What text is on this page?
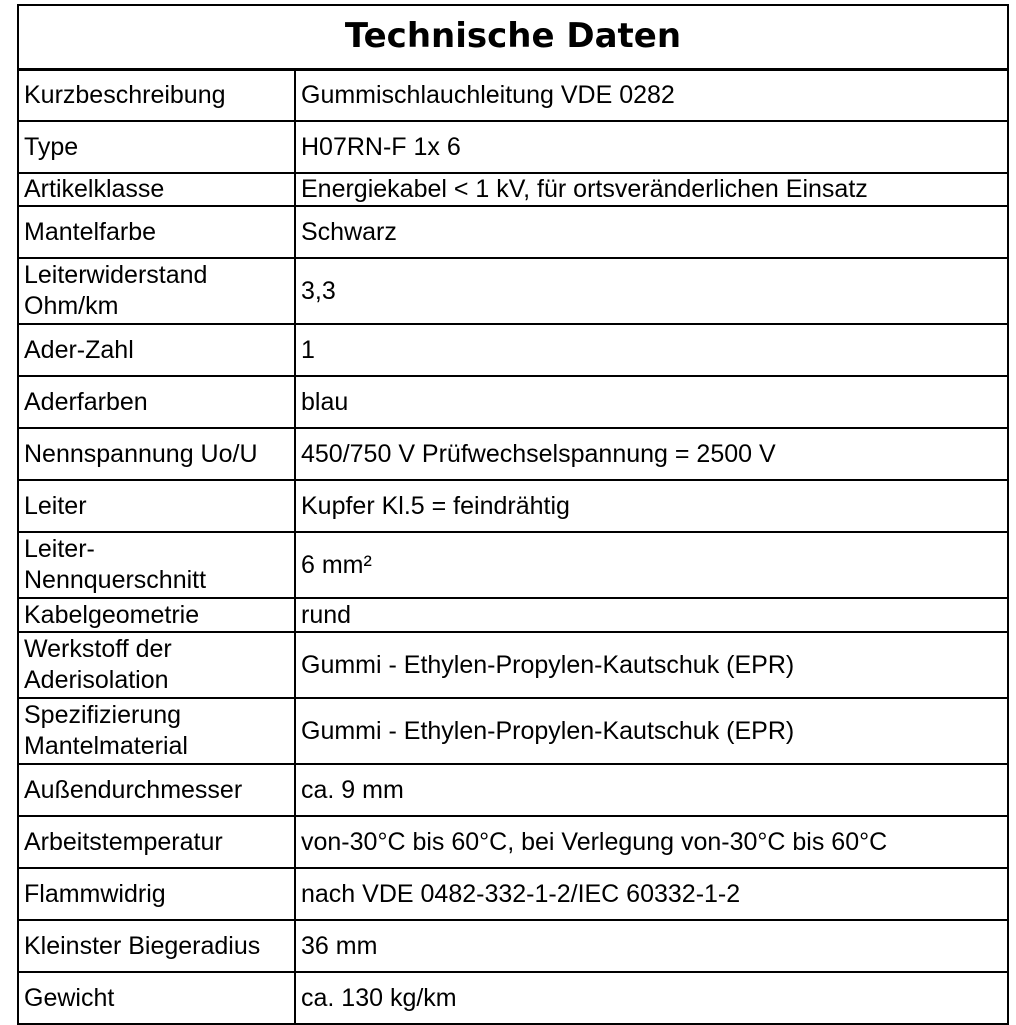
Technische Daten	
Kurzbeschreibung	Gummischlauchleitung VDE 0282
Type	H07RN-F 1x 6
Artikelklasse	Energiekabel < 1 kV, für ortsveränderlichen Einsatz
Mantelfarbe	Schwarz
Leiterwiderstand
Ohm/km	3,3
Ader-Zahl	1
Aderfarben	blau
Nennspannung Uo/U	450/750 V Prüfwechselspannung = 2500 V
Leiter	Kupfer Kl.5 = feindrähtig
Leiter-
Nennquerschnitt	6 mm²
Kabelgeometrie	rund
Werkstoff der
Aderisolation	Gummi - Ethylen-Propylen-Kautschuk (EPR)
Spezifizierung
Mantelmaterial	Gummi - Ethylen-Propylen-Kautschuk (EPR)
Außendurchmesser	ca. 9 mm
Arbeitstemperatur	von-30°C bis 60°C, bei Verlegung von-30°C bis 60°C
Flammwidrig	nach VDE 0482-332-1-2/IEC 60332-1-2
Kleinster Biegeradius	36 mm
Gewicht	ca. 130 kg/km
